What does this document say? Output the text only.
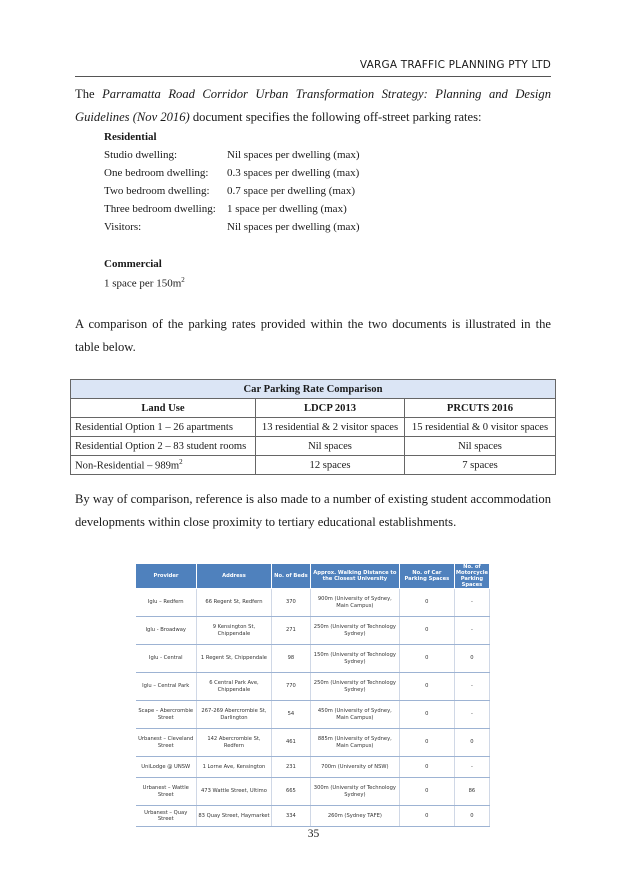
VARGA TRAFFIC PLANNING PTY LTD
The Parramatta Road Corridor Urban Transformation Strategy: Planning and Design Guidelines (Nov 2016) document specifies the following off-street parking rates:
Residential
Studio dwelling:	Nil spaces per dwelling (max)
One bedroom dwelling: 0.3 spaces per dwelling (max)
Two bedroom dwelling: 0.7 space per dwelling (max)
Three bedroom dwelling: 1 space per dwelling (max)
Visitors:	Nil spaces per dwelling (max)
Commercial
1 space per $150m^2$
A comparison of the parking rates provided within the two documents is illustrated in the table below.
Car Parking Rate Comparison		
Land Use	LDCP 2013	PRCUTS 2016
Residential Option 1 – 26 apartments	13 residential & 2 visitor spaces	15 residential & 0 visitor spaces
Residential Option 2 – 83 student rooms	Nil spaces	Nil spaces
Non-Residential – $989m^2$	12 spaces	7 spaces
By way of comparison, reference is also made to a number of existing student accommodation developments within close proximity to tertiary educational establishments.
Provider	Address	No. of Beds	Approx. Walking Distance to the Closest University	No. of Car Parking Spaces	No. of Motorcycle Parking Spaces
Iglu – Redfern	66 Regent St, Redfern	370	900m (University of Sydney, Main Campus)	0	-
Iglu - Broadway	9 Kensington St, Chippendale	271	250m (University of Technology Sydney)	0	-
Iglu - Central	1 Regent St, Chippendale	98	150m (University of Technology Sydney)	0	0
Iglu – Central Park	6 Central Park Ave, Chippendale	770	250m (University of Technology Sydney)	0	-
Scape – Abercrombie Street	267-269 Abercrombie St, Darlington	54	450m (University of Sydney, Main Campus)	0	-
Urbanest – Cleveland Street	142 Abercrombie St, Redfern	461	885m (University of Sydney, Main Campus)	0	0
UniLodge @ UNSW	1 Lorne Ave, Kensington	231	700m (University of NSW)	0	-
Urbanest – Wattle Street	473 Wattle Street, Ultimo	665	300m (University of Technology Sydney)	0	86
Urbanest – Quay Street	83 Quay Street, Haymarket	334	260m (Sydney TAFE)	0	0
35
